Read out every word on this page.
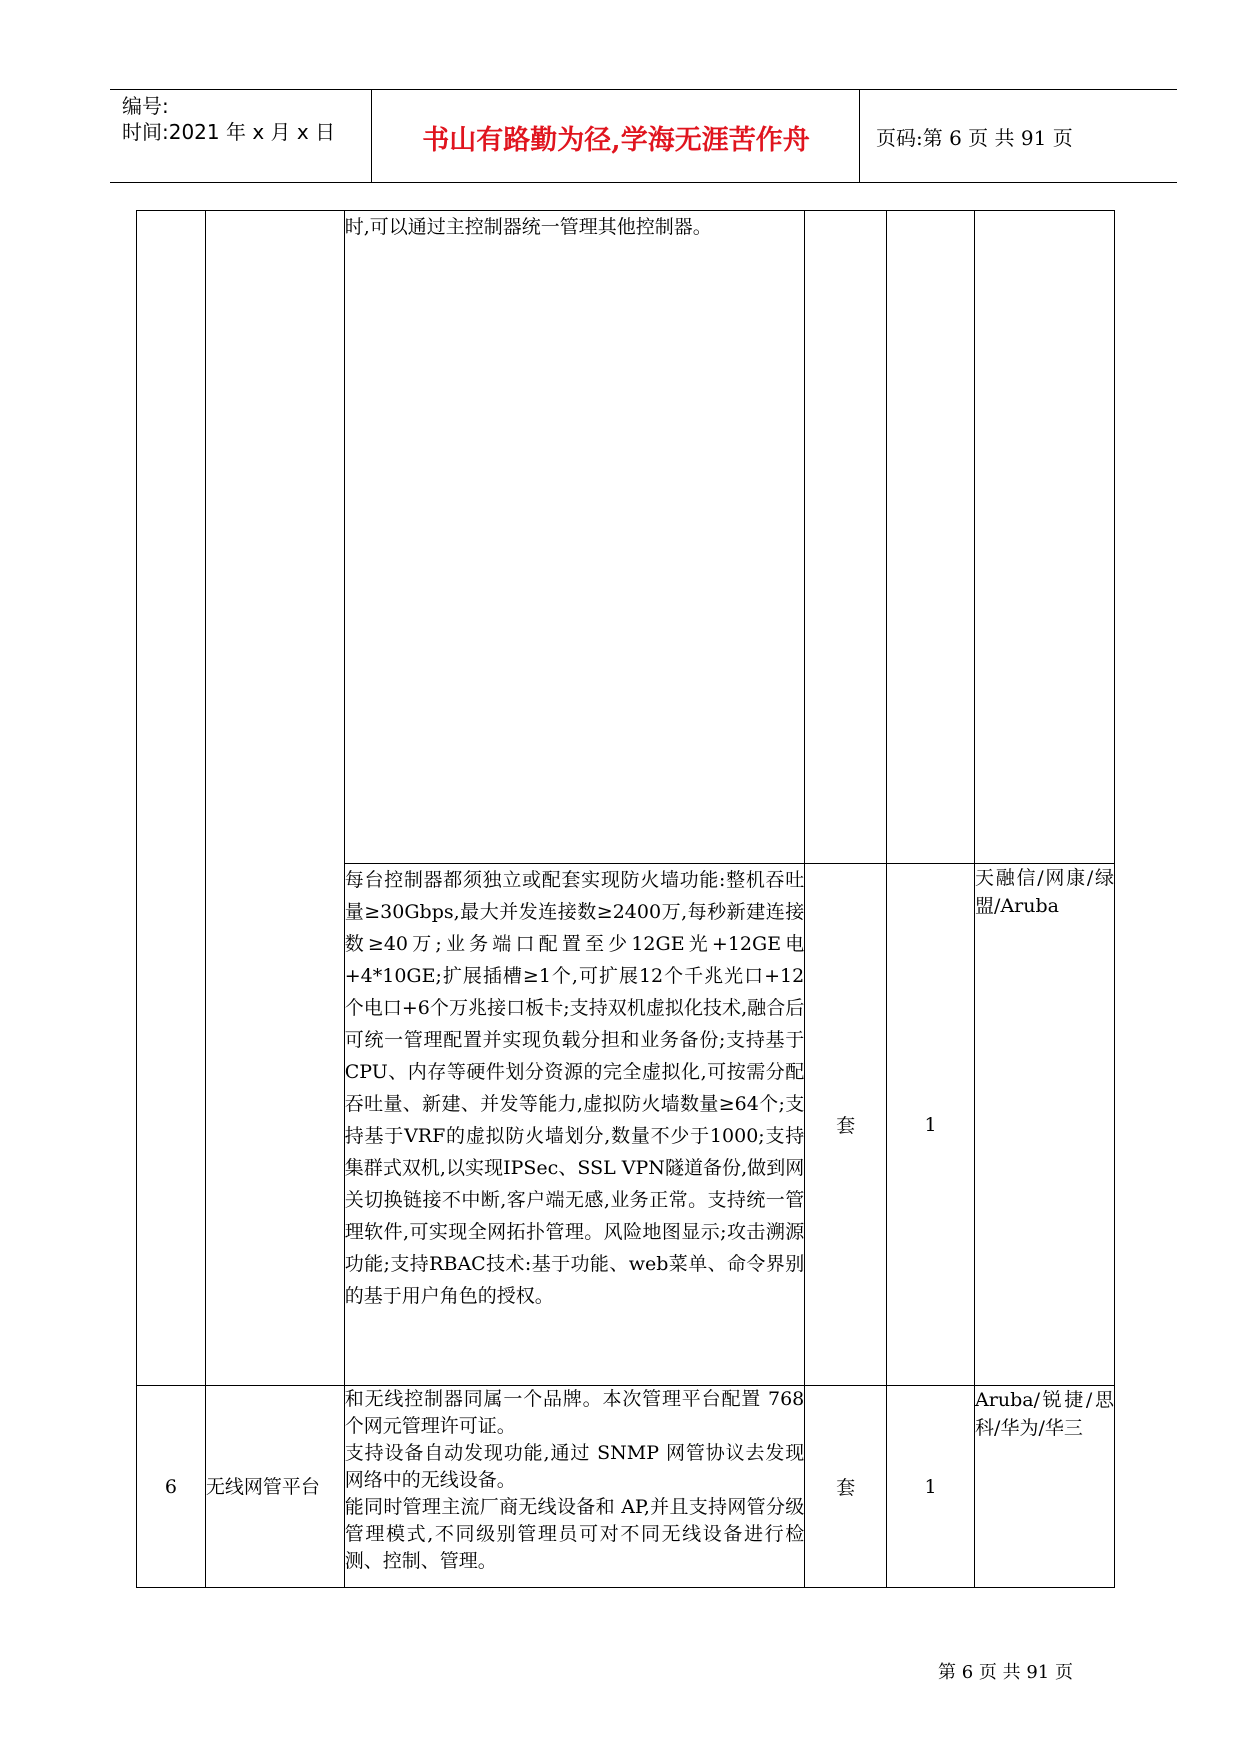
编号:
时间:2021 年 x 月 x 日	书山有路勤为径,学海无涯苦作舟	页码:第 6 页 共 91 页
		时,可以通过主控制器统一管理其他控制器。			
		每台控制器都须独立或配套实现防火墙功能:整机吞吐量≥30Gbps,最大并发连接数≥2400万,每秒新建连接数≥40万;业务端口配置至少12GE光+12GE电+4*10GE;扩展插槽≥1个,可扩展12个千兆光口+12个电口+6个万兆接口板卡;支持双机虚拟化技术,融合后可统一管理配置并实现负载分担和业务备份;支持基于CPU、内存等硬件划分资源的完全虚拟化,可按需分配吞吐量、新建、并发等能力,虚拟防火墙数量≥64个;支持基于VRF的虚拟防火墙划分,数量不少于1000;支持集群式双机,以实现IPSec、SSL VPN隧道备份,做到网关切换链接不中断,客户端无感,业务正常。支持统一管理软件,可实现全网拓扑管理。风险地图显示;攻击溯源功能;支持RBAC技术:基于功能、web菜单、命令界别的基于用户角色的授权。	套	1	天融信/网康/绿盟/Aruba
6	无线网管平台	和无线控制器同属一个品牌。本次管理平台配置 768 个网元管理许可证。

支持设备自动发现功能,通过 SNMP 网管协议去发现网络中的无线设备。

能同时管理主流厂商无线设备和 AP,并且支持网管分级管理模式,不同级别管理员可对不同无线设备进行检测、控制、管理。	套	1	Aruba/锐捷/思科/华为/华三
第 6 页 共 91 页
